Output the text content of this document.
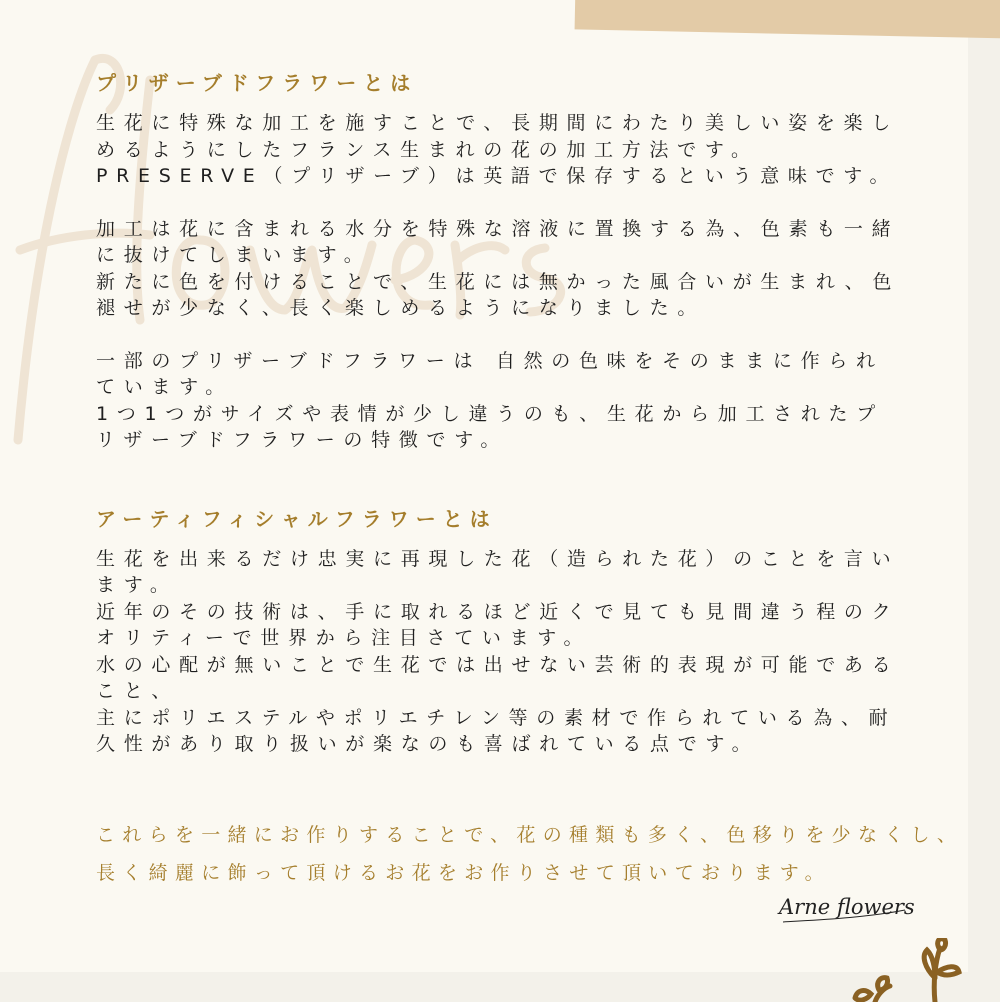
プリザーブドフラワーとは

生花に特殊な加工を施すことで、長期間にわたり美しい姿を楽し

めるようにしたフランス生まれの花の加工方法です。

PRESERVE（プリザーブ）は英語で保存するという意味です。

加工は花に含まれる水分を特殊な溶液に置換する為、色素も一緒

に抜けてしまいます。

新たに色を付けることで、生花には無かった風合いが生まれ、色

褪せが少なく、長く楽しめるようになりました。

一部のプリザーブドフラワーは 自然の色味をそのままに作られ

ています。

1つ1つがサイズや表情が少し違うのも、生花から加工されたプ

リザーブドフラワーの特徴です。

アーティフィシャルフラワーとは

生花を出来るだけ忠実に再現した花（造られた花）のことを言い

ます。

近年のその技術は、手に取れるほど近くで見ても見間違う程のク

オリティーで世界から注目さています。

水の心配が無いことで生花では出せない芸術的表現が可能である

こと、

主にポリエステルやポリエチレン等の素材で作られている為、耐

久性があり取り扱いが楽なのも喜ばれている点です。

これらを一緒にお作りすることで、花の種類も多く、色移りを少なくし、

長く綺麗に飾って頂けるお花をお作りさせて頂いております。

Arne flowers
